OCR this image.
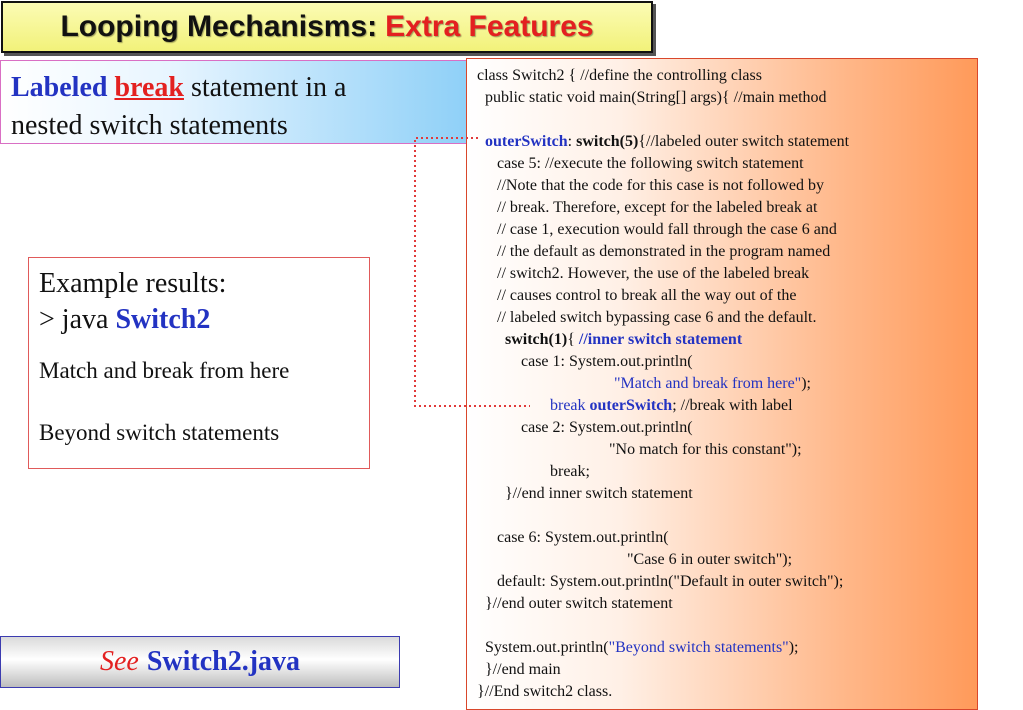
Looping Mechanisms: Extra Features
Labeled break statement in a
nested switch statements
Example results:
> java Switch2
Match and break from here
Beyond switch statements
See Switch2.java
class Switch2 { //define the controlling class
public static void main(String[] args){ //main method
outerSwitch: switch(5){//labeled outer switch statement
case 5: //execute the following switch statement
//Note that the code for this case is not followed by
// break. Therefore, except for the labeled break at
// case 1, execution would fall through the case 6 and
// the default as demonstrated in the program named
// switch2. However, the use of the labeled break
// causes control to break all the way out of the
// labeled switch bypassing case 6 and the default.
switch(1){ //inner switch statement
case 1: System.out.println(
"Match and break from here");
break outerSwitch; //break with label
case 2: System.out.println(
"No match for this constant");
break;
}//end inner switch statement
case 6: System.out.println(
"Case 6 in outer switch");
default: System.out.println("Default in outer switch");
}//end outer switch statement
System.out.println("Beyond switch statements");
}//end main
}//End switch2 class.
